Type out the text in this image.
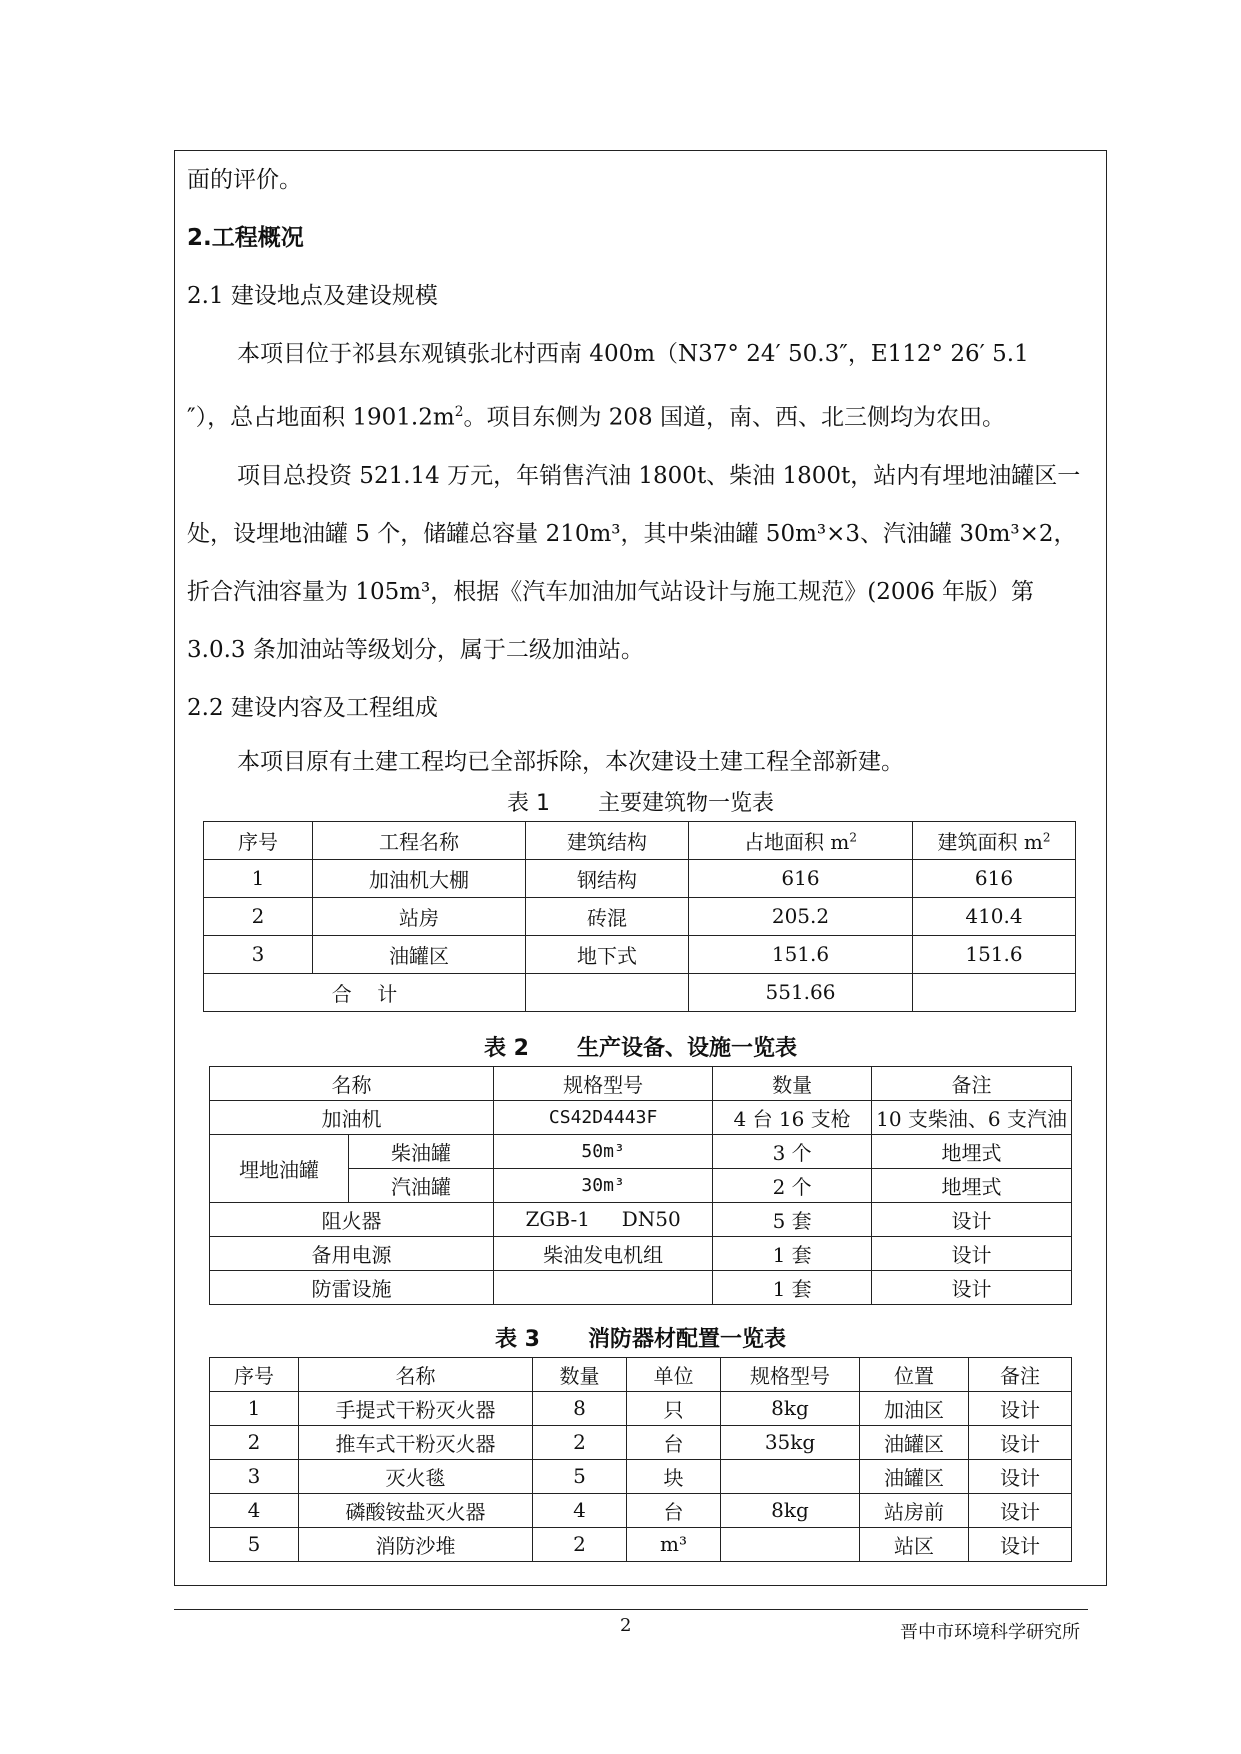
面的评价。
2.工程概况
2.1 建设地点及建设规模
本项目位于祁县东观镇张北村西南 400m（N37° 24′ 50.3″，E112° 26′ 5.1
″），总占地面积 $1901.2m^2$。项目东侧为 208 国道，南、西、北三侧均为农田。
项目总投资 521.14 万元，年销售汽油 1800t、柴油 1800t，站内有埋地油罐区一
处，设埋地油罐 5 个，储罐总容量 210m³，其中柴油罐 50m³×3、汽油罐 30m³×2，
折合汽油容量为 105m³，根据《汽车加油加气站设计与施工规范》(2006 年版）第
3.0.3 条加油站等级划分，属于二级加油站。
2.2 建设内容及工程组成
本项目原有土建工程均已全部拆除，本次建设土建工程全部新建。
表 1 主要建筑物一览表
序号	工程名称	建筑结构	占地面积 $m^2$	建筑面积 $m^2$
1	加油机大棚	钢结构	616	616
2	站房	砖混	205.2	410.4
3	油罐区	地下式	151.6	151.6
合    计			551.66	
表 2 生产设备、设施一览表
名称		规格型号	数量	备注
加油机		CS42D4443F	4 台 16 支枪	10 支柴油、6 支汽油
埋地油罐	柴油罐	50m³	3 个	地埋式
	汽油罐	30m³	2 个	地埋式
阻火器		ZGB-1     DN50	5 套	设计
备用电源		柴油发电机组	1 套	设计
防雷设施			1 套	设计
表 3 消防器材配置一览表
序号	名称	数量	单位	规格型号	位置	备注
1	手提式干粉灭火器	8	只	8kg	加油区	设计
2	推车式干粉灭火器	2	台	35kg	油罐区	设计
3	灭火毯	5	块		油罐区	设计
4	磷酸铵盐灭火器	4	台	8kg	站房前	设计
5	消防沙堆	2	m³		站区	设计
2	晋中市环境科学研究所
